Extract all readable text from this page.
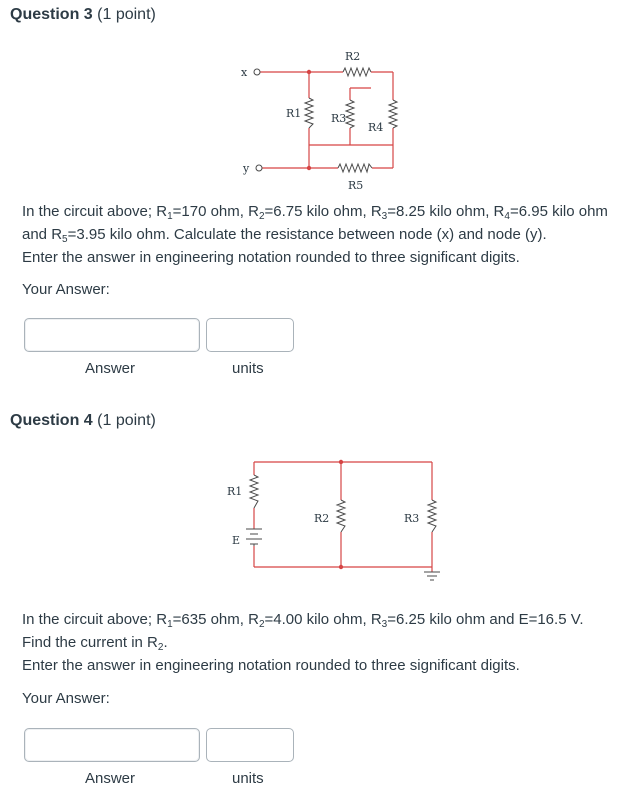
Question 3 (1 point)
x
y
R2
R1	R3
R4
R5

In the circuit above; $R_1=170$ ohm, $R_2=6.75$ kilo ohm, $R_3=8.25$ kilo ohm, $R_4=6.95$ kilo ohm and $R_5=3.95$ kilo ohm. Calculate the resistance between node (x) and node (y).
Enter the answer in engineering notation rounded to three significant digits.

Your Answer:
Answer	units
Question 4 (1 point)
R1
E
R2	R3

In the circuit above; $R_1=635$ ohm, $R_2=4.00$ kilo ohm, $R_3=6.25$ kilo ohm and E=16.5 V.
Find the current in $R_2$.
Enter the answer in engineering notation rounded to three significant digits.

Your Answer:
Answer	units
